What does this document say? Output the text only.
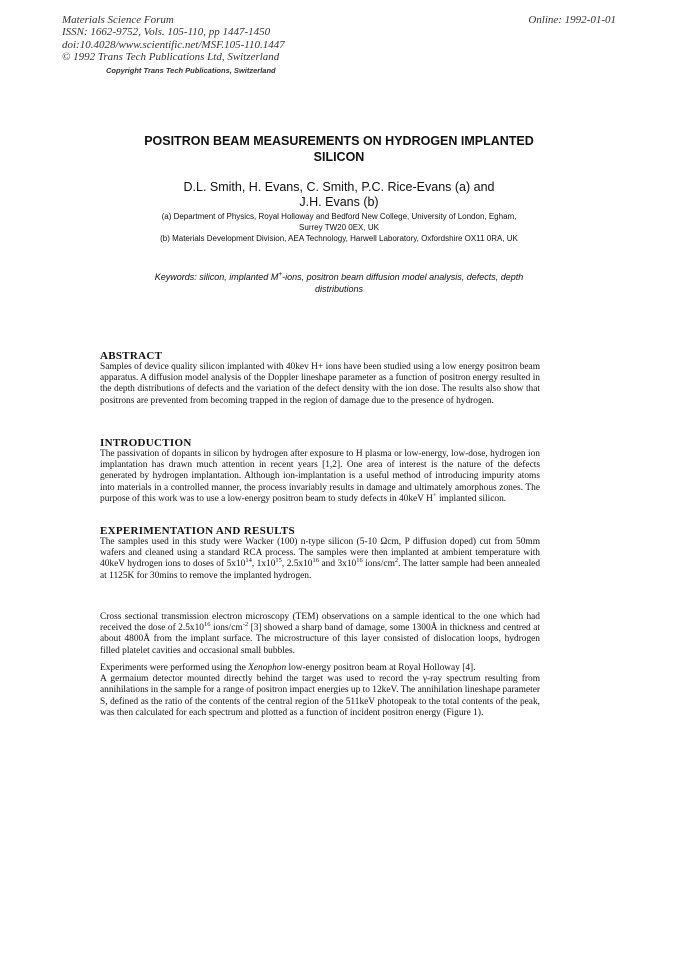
Materials Science Forum
ISSN: 1662-9752, Vols. 105-110, pp 1447-1450
doi:10.4028/www.scientific.net/MSF.105-110.1447
© 1992 Trans Tech Publications Ltd, Switzerland
Copyright Trans Tech Publications, Switzerland
Online: 1992-01-01
POSITRON BEAM MEASUREMENTS ON HYDROGEN IMPLANTED
SILICON
D.L. Smith, H. Evans, C. Smith, P.C. Rice-Evans (a) and
J.H. Evans (b)
(a) Department of Physics, Royal Holloway and Bedford New College, University of London, Egham,
Surrey TW20 0EX, UK
(b) Materials Development Division, AEA Technology, Harwell Laboratory, Oxfordshire OX11 0RA, UK
Keywords: silicon, implanted M+-ions, positron beam diffusion model analysis, defects, depth
distributions
ABSTRACT

Samples of device quality silicon implanted with 40kev H+ ions have been studied using a low energy positron beam apparatus. A diffusion model analysis of the Doppler lineshape parameter as a function of positron energy resulted in the depth distributions of defects and the variation of the defect density with the ion dose. The results also show that positrons are prevented from becoming trapped in the region of damage due to the presence of hydrogen.

INTRODUCTION

The passivation of dopants in silicon by hydrogen after exposure to H plasma or low-energy, low-dose, hydrogen ion implantation has drawn much attention in recent years [1,2]. One area of interest is the nature of the defects generated by hydrogen implantation. Although ion-implantation is a useful method of introducing impurity atoms into materials in a controlled manner, the process invariably results in damage and ultimately amorphous zones. The purpose of this work was to use a low-energy positron beam to study defects in 40keV H+ implanted silicon.

EXPERIMENTATION AND RESULTS

The samples used in this study were Wacker (100) n-type silicon (5-10 Ωcm, P diffusion doped) cut from 50mm wafers and cleaned using a standard RCA process. The samples were then implanted at ambient temperature with 40keV hydrogen ions to doses of $5x10^{14}$, $1x10^{15}$, $2.5x10^{16}$ and $3x10^{16}$ ions/$cm^2$. The latter sample had been annealed at 1125K for 30mins to remove the implanted hydrogen.

Cross sectional transmission electron microscopy (TEM) observations on a sample identical to the one which had received the dose of $2.5x10^{16}$ ions/$cm^{-2}$ [3] showed a sharp band of damage, some 1300Å in thickness and centred at about 4800Å from the implant surface. The microstructure of this layer consisted of dislocation loops, hydrogen filled platelet cavities and occasional small bubbles.

Experiments were performed using the Xenophon low-energy positron beam at Royal Holloway [4].

A germaium detector mounted directly behind the target was used to record the γ-ray spectrum resulting from annihilations in the sample for a range of positron impact energies up to 12keV. The annihilation lineshape parameter S, defined as the ratio of the contents of the central region of the 511keV photopeak to the total contents of the peak, was then calculated for each spectrum and plotted as a function of incident positron energy (Figure 1).
